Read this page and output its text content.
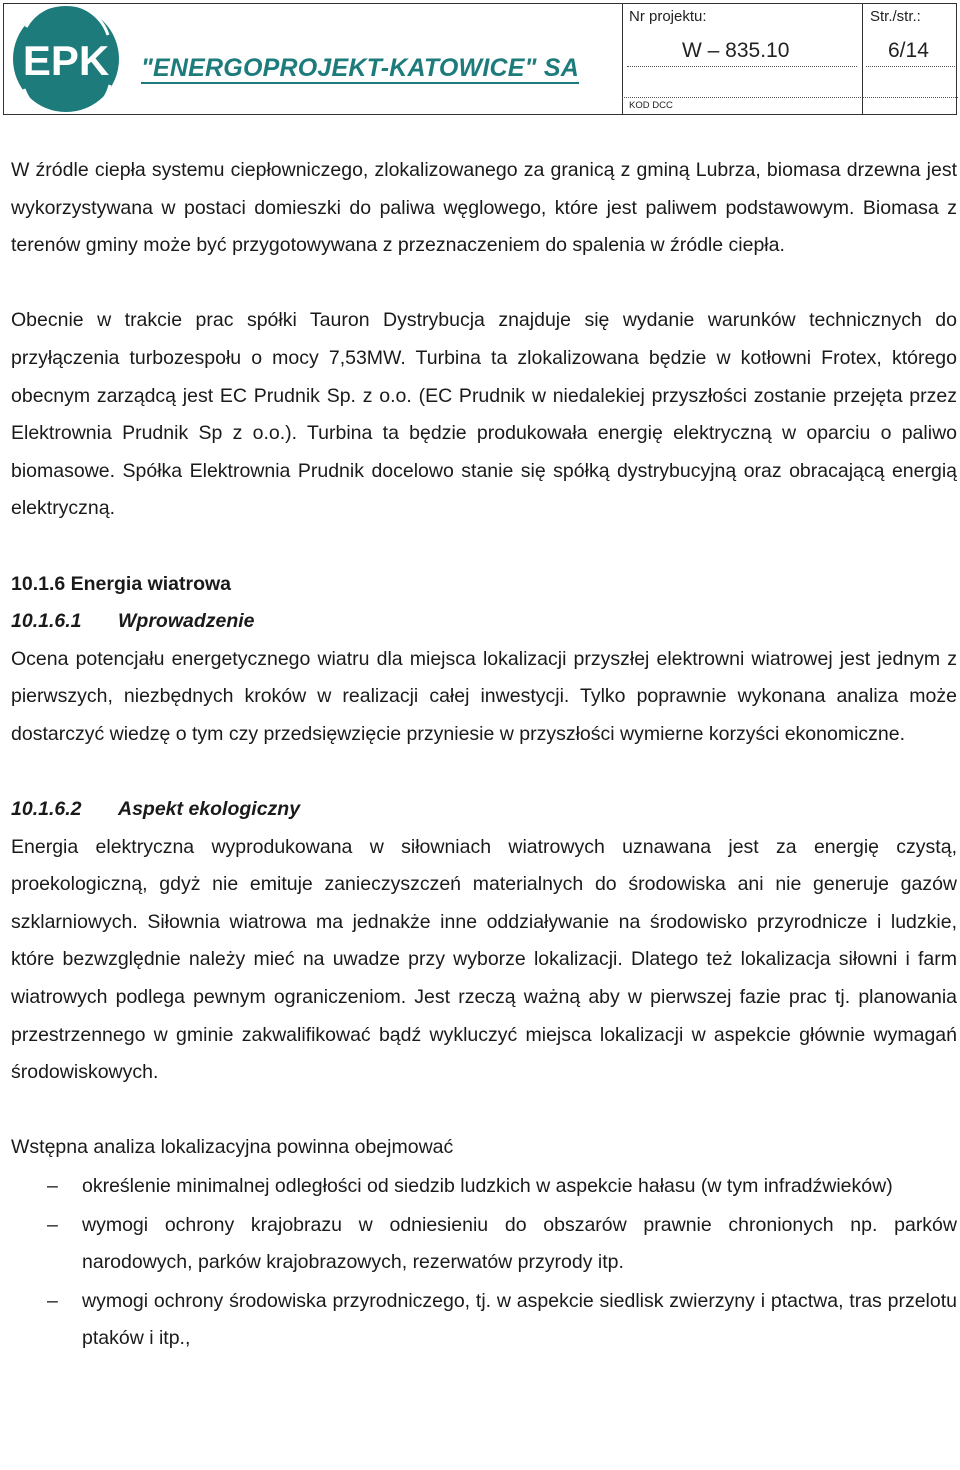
EPK "ENERGOPROJEKT-KATOWICE" SA
Nr projektu:
W – 835.10
Str./str.:
6/14
KOD DCC

W źródle ciepła systemu ciepłowniczego, zlokalizowanego za granicą z gminą Lubrza, biomasa drzewna jest wykorzystywana w postaci domieszki do paliwa węglowego, które jest paliwem podstawowym. Biomasa z terenów gminy może być przygotowywana z przeznaczeniem do spalenia w źródle ciepła.

Obecnie w trakcie prac spółki Tauron Dystrybucja znajduje się wydanie warunków technicznych do przyłączenia turbozespołu o mocy 7,53MW. Turbina ta zlokalizowana będzie w kotłowni Frotex, którego obecnym zarządcą jest EC Prudnik Sp. z o.o. (EC Prudnik w niedalekiej przyszłości zostanie przejęta przez Elektrownia Prudnik Sp z o.o.). Turbina ta będzie produkowała energię elektryczną w oparciu o paliwo biomasowe. Spółka Elektrownia Prudnik docelowo stanie się spółką dystrybucyjną oraz obracającą energią elektryczną.

10.1.6 Energia wiatrowa
10.1.6.1 Wprowadzenie

Ocena potencjału energetycznego wiatru dla miejsca lokalizacji przyszłej elektrowni wiatrowej jest jednym z pierwszych, niezbędnych kroków w realizacji całej inwestycji. Tylko poprawnie wykonana analiza może dostarczyć wiedzę o tym czy przedsięwzięcie przyniesie w przyszłości wymierne korzyści ekonomiczne.

10.1.6.2 Aspekt ekologiczny

Energia elektryczna wyprodukowana w siłowniach wiatrowych uznawana jest za energię czystą, proekologiczną, gdyż nie emituje zanieczyszczeń materialnych do środowiska ani nie generuje gazów szklarniowych. Siłownia wiatrowa ma jednakże inne oddziaływanie na środowisko przyrodnicze i ludzkie, które bezwzględnie należy mieć na uwadze przy wyborze lokalizacji. Dlatego też lokalizacja siłowni i farm wiatrowych podlega pewnym ograniczeniom. Jest rzeczą ważną aby w pierwszej fazie prac tj. planowania przestrzennego w gminie zakwalifikować bądź wykluczyć miejsca lokalizacji w aspekcie głównie wymagań środowiskowych.

Wstępna analiza lokalizacyjna powinna obejmować

– określenie minimalnej odległości od siedzib ludzkich w aspekcie hałasu (w tym infradźwieków)
– wymogi ochrony krajobrazu w odniesieniu do obszarów prawnie chronionych np. parków narodowych, parków krajobrazowych, rezerwatów przyrody itp.
– wymogi ochrony środowiska przyrodniczego, tj. w aspekcie siedlisk zwierzyny i ptactwa, tras przelotu ptaków i itp.,
